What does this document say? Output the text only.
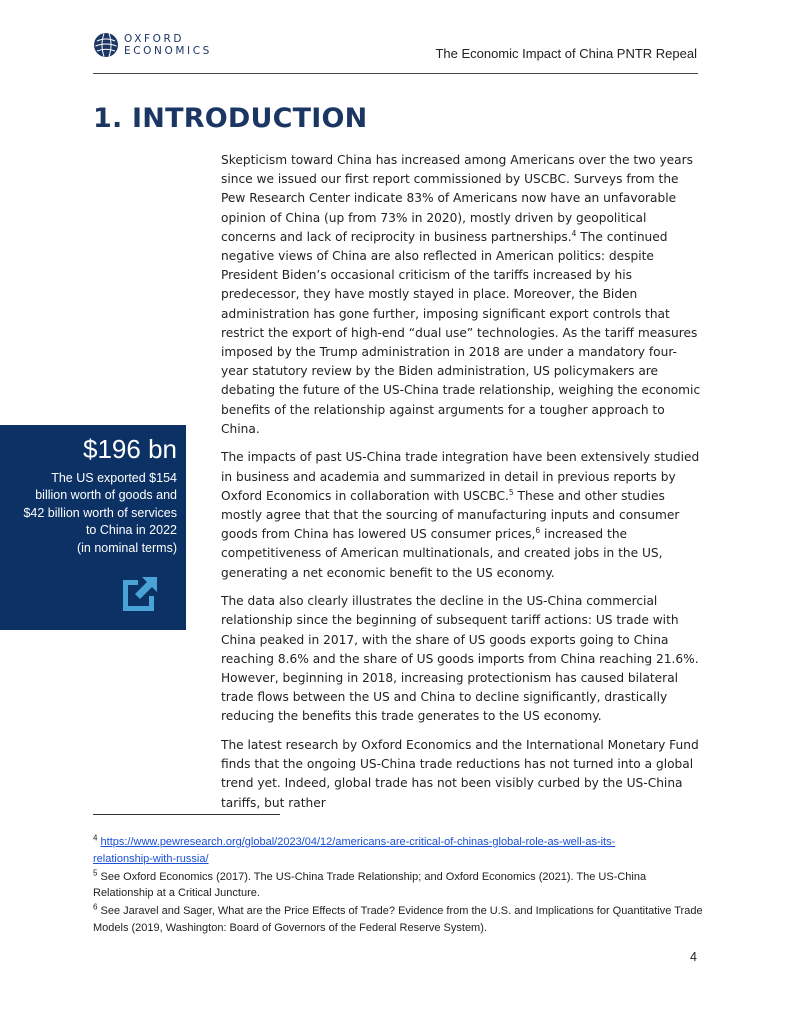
OXFORD
ECONOMICS	The Economic Impact of China PNTR Repeal
1. INTRODUCTION

Skepticism toward China has increased among Americans over the two years since we issued our first report commissioned by USCBC. Surveys from the Pew Research Center indicate 83% of Americans now have an unfavorable opinion of China (up from 73% in 2020), mostly driven by geopolitical concerns and lack of reciprocity in business partnerships.$^4$ The continued negative views of China are also reflected in American politics: despite President Biden’s occasional criticism of the tariffs increased by his predecessor, they have mostly stayed in place. Moreover, the Biden administration has gone further, imposing significant export controls that restrict the export of high-end “dual use” technologies. As the tariff measures imposed by the Trump administration in 2018 are under a mandatory four-year statutory review by the Biden administration, US policymakers are debating the future of the US-China trade relationship, weighing the economic benefits of the relationship against arguments for a tougher approach to China.

The impacts of past US-China trade integration have been extensively studied in business and academia and summarized in detail in previous reports by Oxford Economics in collaboration with USCBC.$^5$ These and other studies mostly agree that that the sourcing of manufacturing inputs and consumer goods from China has lowered US consumer prices,$^6$ increased the competitiveness of American multinationals, and created jobs in the US, generating a net economic benefit to the US economy.

The data also clearly illustrates the decline in the US-China commercial relationship since the beginning of subsequent tariff actions: US trade with China peaked in 2017, with the share of US goods exports going to China reaching 8.6% and the share of US goods imports from China reaching 21.6%. However, beginning in 2018, increasing protectionism has caused bilateral trade flows between the US and China to decline significantly, drastically reducing the benefits this trade generates to the US economy.

The latest research by Oxford Economics and the International Monetary Fund finds that the ongoing US-China trade reductions has not turned into a global trend yet. Indeed, global trade has not been visibly curbed by the US-China tariffs, but rather

$196 bn
The US exported $154
billion worth of goods and
$42 billion worth of services
to China in 2022
(in nominal terms)
$^4$ https://www.pewresearch.org/global/2023/04/12/americans-are-critical-of-chinas-global-role-as-well-as-its-
relationship-with-russia/
$^5$ See Oxford Economics (2017). The US-China Trade Relationship; and Oxford Economics (2021). The US-China Relationship at a Critical Juncture.
$^6$ See Jaravel and Sager, What are the Price Effects of Trade? Evidence from the U.S. and Implications for Quantitative Trade Models (2019, Washington: Board of Governors of the Federal Reserve System).
4
